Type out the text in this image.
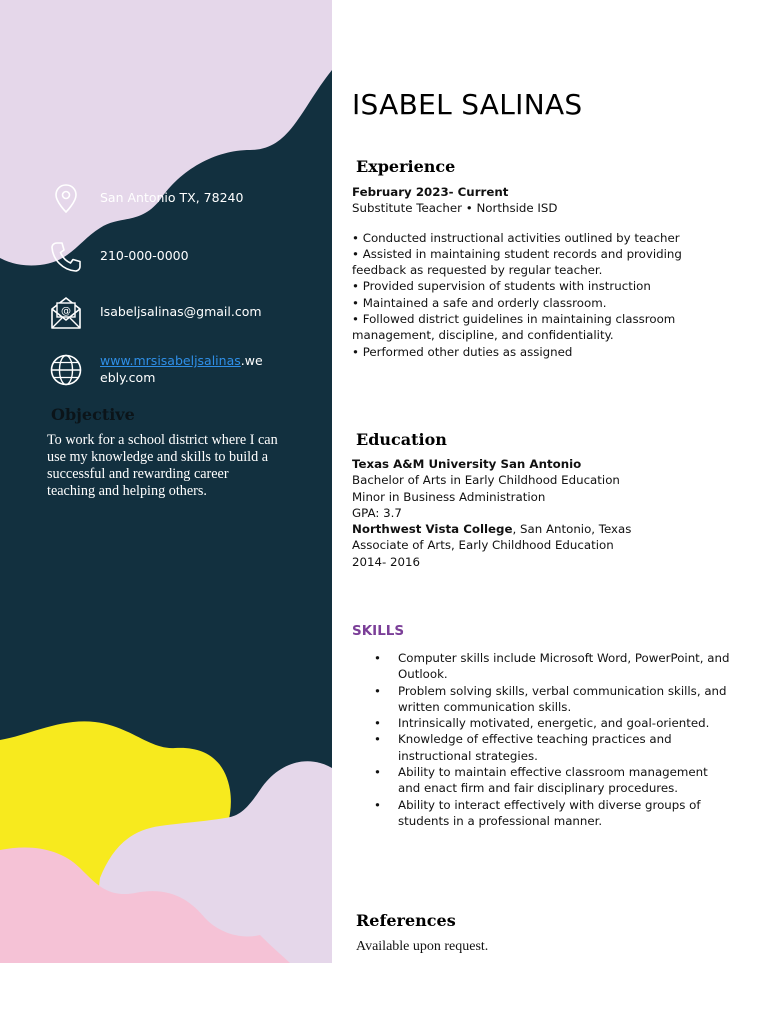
San Antonio TX, 78240
210-000-0000
@ Isabeljsalinas@gmail.com
www.mrsisabeljsalinas.weebly.com
Objective
To work for a school district where I can use my knowledge and skills to build a successful and rewarding career teaching and helping others.
ISABEL SALINAS
Experience
February 2023- Current
Substitute Teacher • Northside ISD
• Conducted instructional activities outlined by teacher
• Assisted in maintaining student records and providing feedback as requested by regular teacher.
• Provided supervision of students with instruction
• Maintained a safe and orderly classroom.
• Followed district guidelines in maintaining classroom management, discipline, and confidentiality.
• Performed other duties as assigned
Education
Texas A&M University San Antonio
Bachelor of Arts in Early Childhood Education
Minor in Business Administration
GPA: 3.7
Northwest Vista College, San Antonio, Texas
Associate of Arts, Early Childhood Education
2014- 2016
SKILLS
• Computer skills include Microsoft Word, PowerPoint, and Outlook.
• Problem solving skills, verbal communication skills, and written communication skills.
• Intrinsically motivated, energetic, and goal-oriented.
• Knowledge of effective teaching practices and instructional strategies.
• Ability to maintain effective classroom management and enact firm and fair disciplinary procedures.
• Ability to interact effectively with diverse groups of students in a professional manner.
References
Available upon request.
